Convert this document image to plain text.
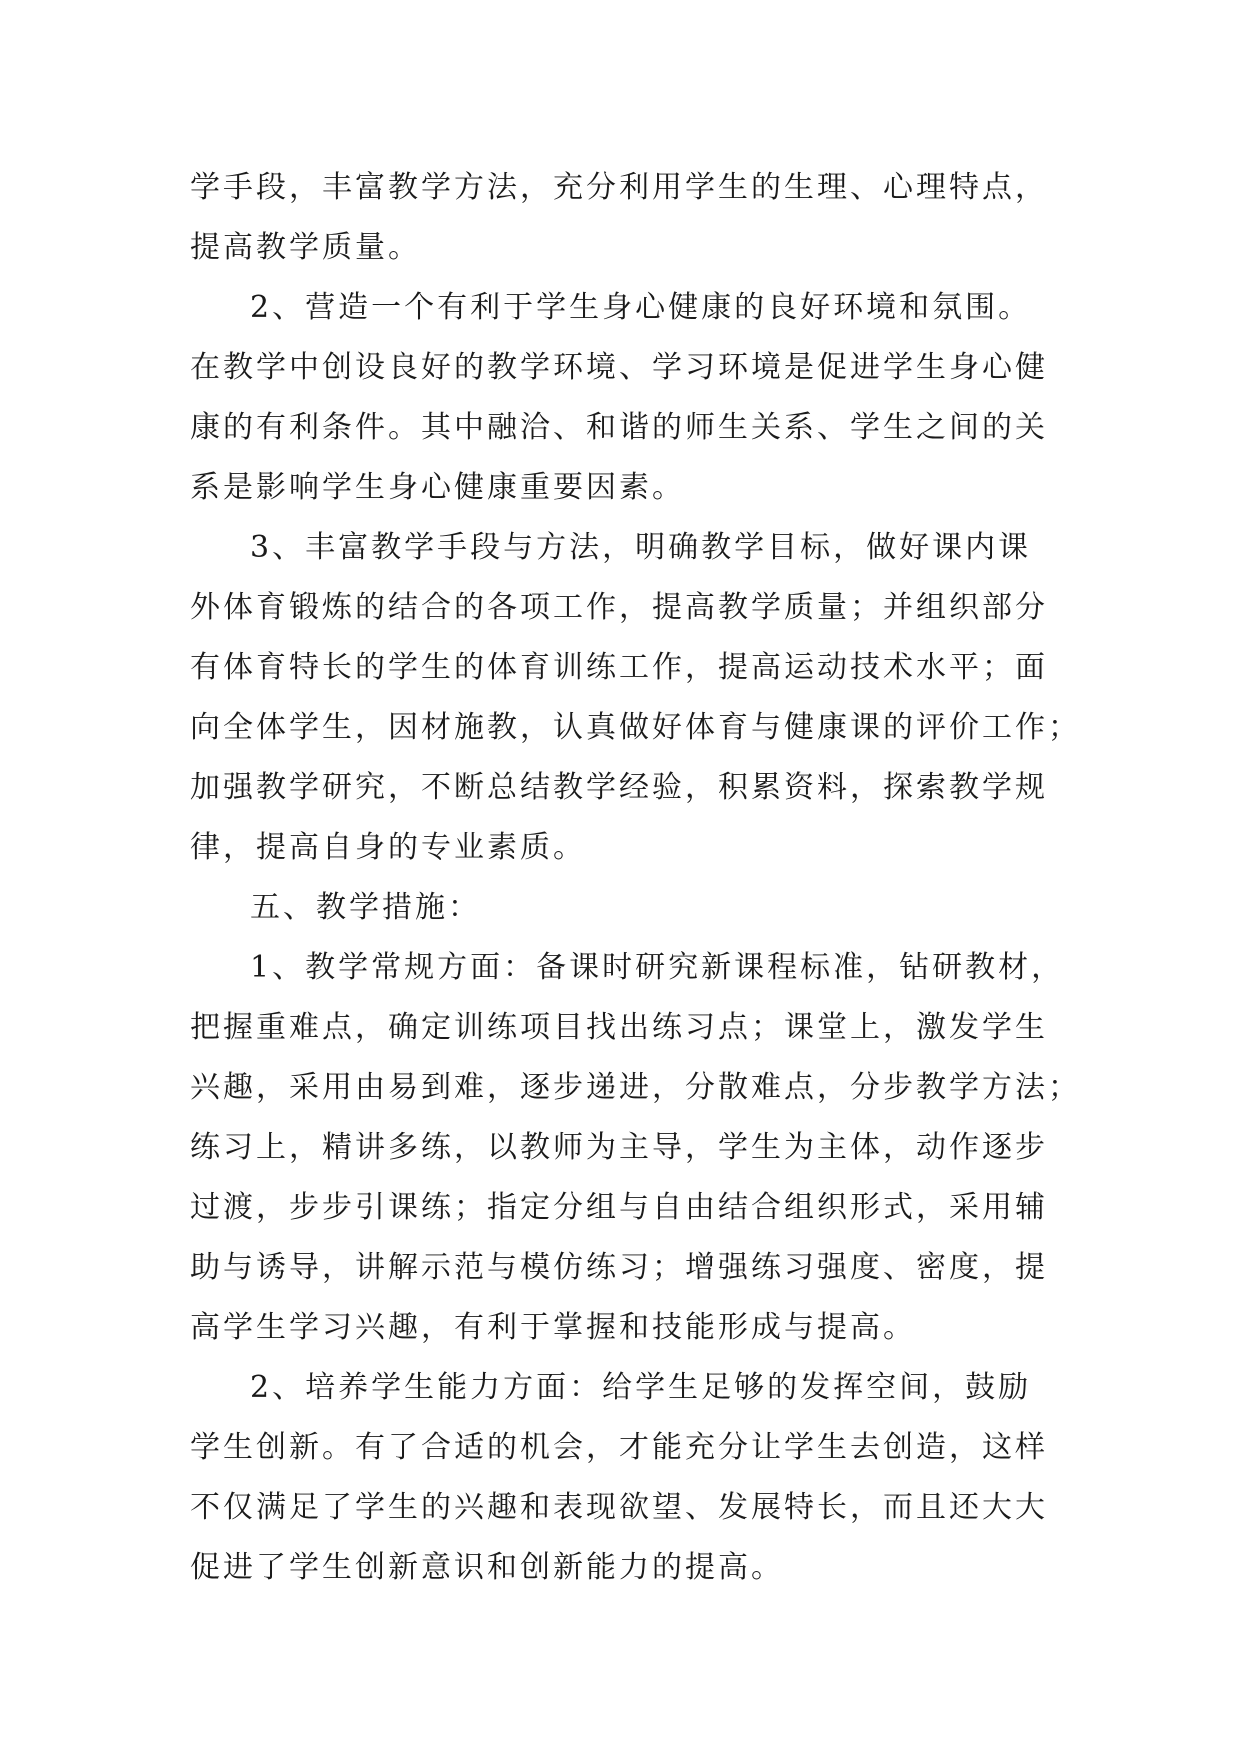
学手段，丰富教学方法，充分利用学生的生理、心理特点，
提高教学质量。
2、营造一个有利于学生身心健康的良好环境和氛围。
在教学中创设良好的教学环境、学习环境是促进学生身心健
康的有利条件。其中融洽、和谐的师生关系、学生之间的关
系是影响学生身心健康重要因素。
3、丰富教学手段与方法，明确教学目标，做好课内课
外体育锻炼的结合的各项工作，提高教学质量；并组织部分
有体育特长的学生的体育训练工作，提高运动技术水平；面
向全体学生，因材施教，认真做好体育与健康课的评价工作；
加强教学研究，不断总结教学经验，积累资料，探索教学规
律，提高自身的专业素质。
五、教学措施：
1、教学常规方面：备课时研究新课程标准，钻研教材，
把握重难点，确定训练项目找出练习点；课堂上，激发学生
兴趣，采用由易到难，逐步递进，分散难点，分步教学方法；
练习上，精讲多练，以教师为主导，学生为主体，动作逐步
过渡，步步引课练；指定分组与自由结合组织形式，采用辅
助与诱导，讲解示范与模仿练习；增强练习强度、密度，提
高学生学习兴趣，有利于掌握和技能形成与提高。
2、培养学生能力方面：给学生足够的发挥空间，鼓励
学生创新。有了合适的机会，才能充分让学生去创造，这样
不仅满足了学生的兴趣和表现欲望、发展特长，而且还大大
促进了学生创新意识和创新能力的提高。
